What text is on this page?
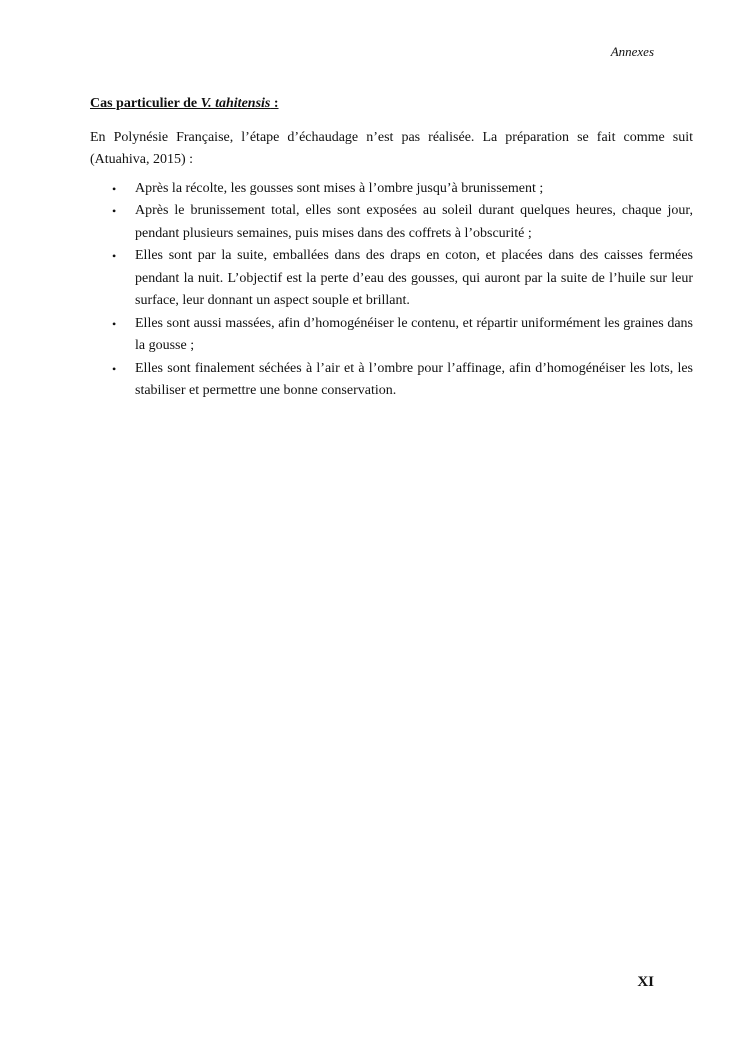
Annexes

Cas particulier de V. tahitensis :

En Polynésie Française, l’étape d’échaudage n’est pas réalisée. La préparation se fait comme suit (Atuahiva, 2015) :

• Après la récolte, les gousses sont mises à l’ombre jusqu’à brunissement ;
• Après le brunissement total, elles sont exposées au soleil durant quelques heures, chaque jour, pendant plusieurs semaines, puis mises dans des coffrets à l’obscurité ;
• Elles sont par la suite, emballées dans des draps en coton, et placées dans des caisses fermées pendant la nuit. L’objectif est la perte d’eau des gousses, qui auront par la suite de l’huile sur leur surface, leur donnant un aspect souple et brillant.
• Elles sont aussi massées, afin d’homogénéiser le contenu, et répartir uniformément les graines dans la gousse ;
• Elles sont finalement séchées à l’air et à l’ombre pour l’affinage, afin d’homogénéiser les lots, les stabiliser et permettre une bonne conservation.
XI
